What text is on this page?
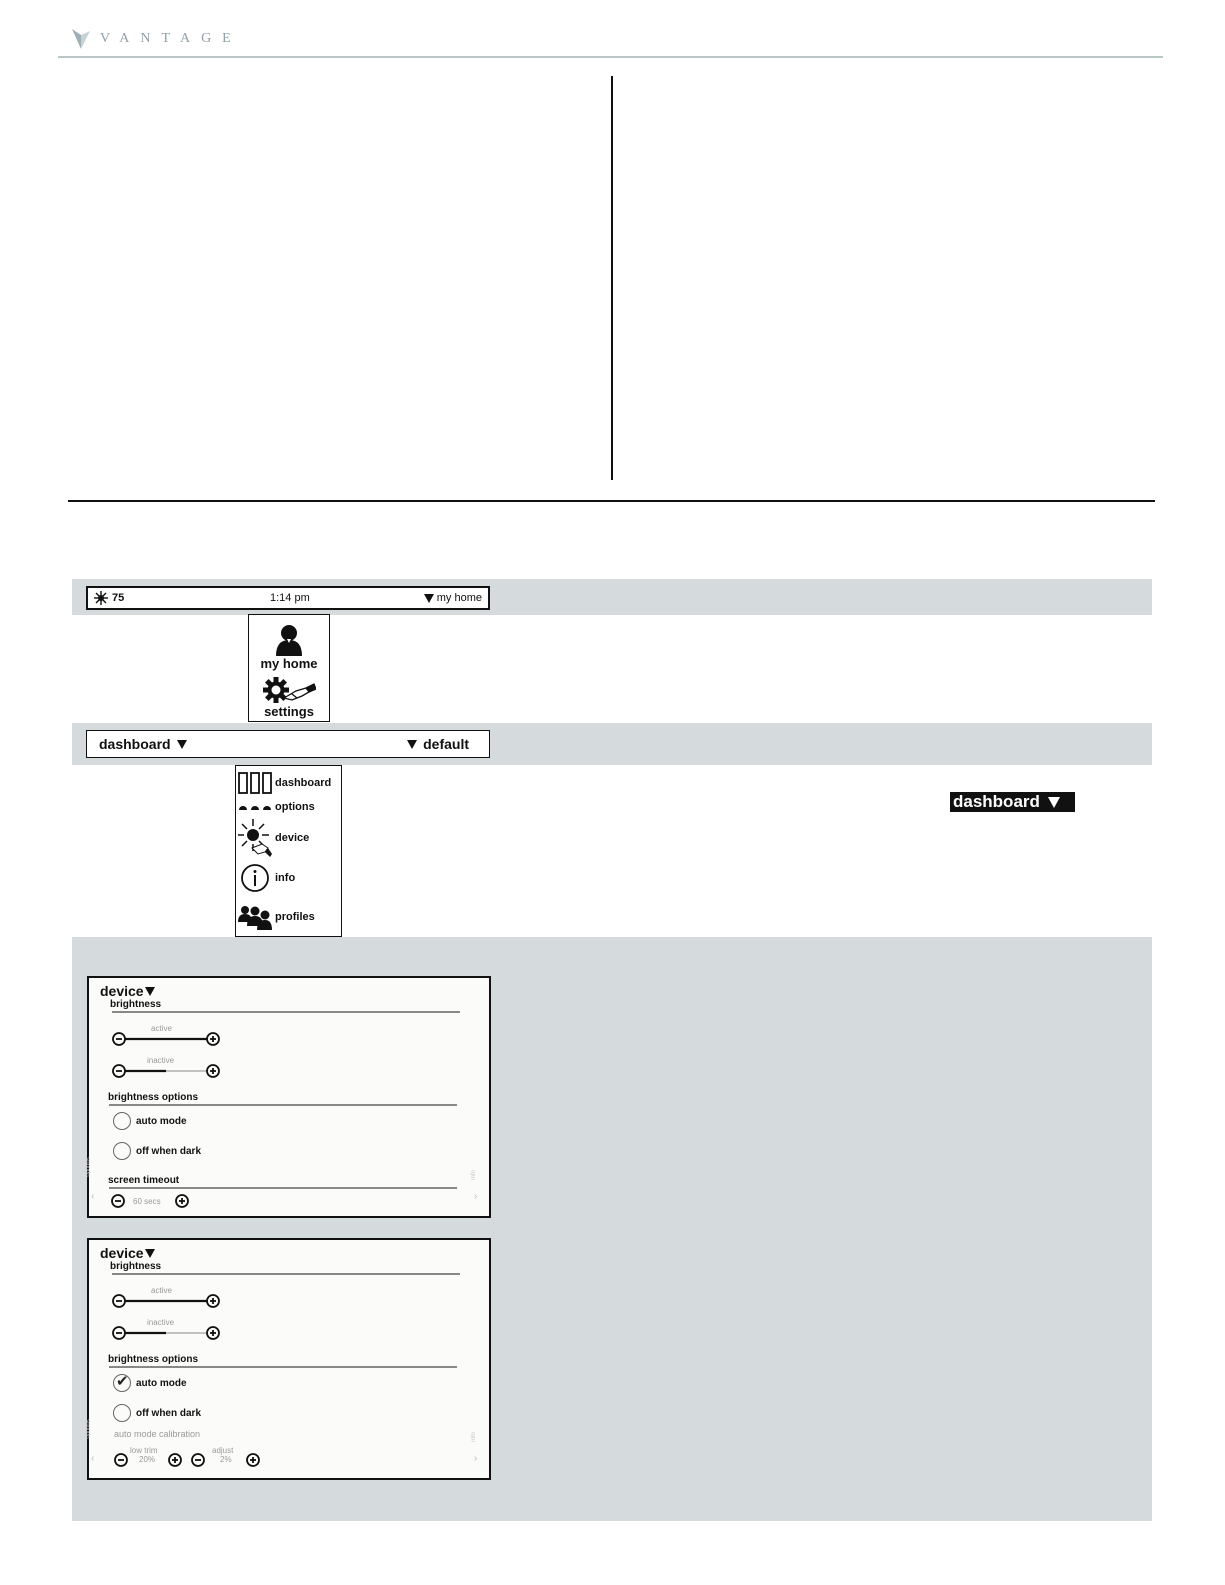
VANTAGE
75	1:14 pm	my home
my home
settings
dashboard	default
dashboard
options
device
info
profiles
dashboard
device
brightness
active
inactive
brightness options
auto mode
off when dark
screen timeout
60 secs
options
‹
info
›
device
brightness
active
inactive
brightness options
✔ auto mode
off when dark
auto mode calibration
low trim
20%
adjust
2%
options
‹
info
›
